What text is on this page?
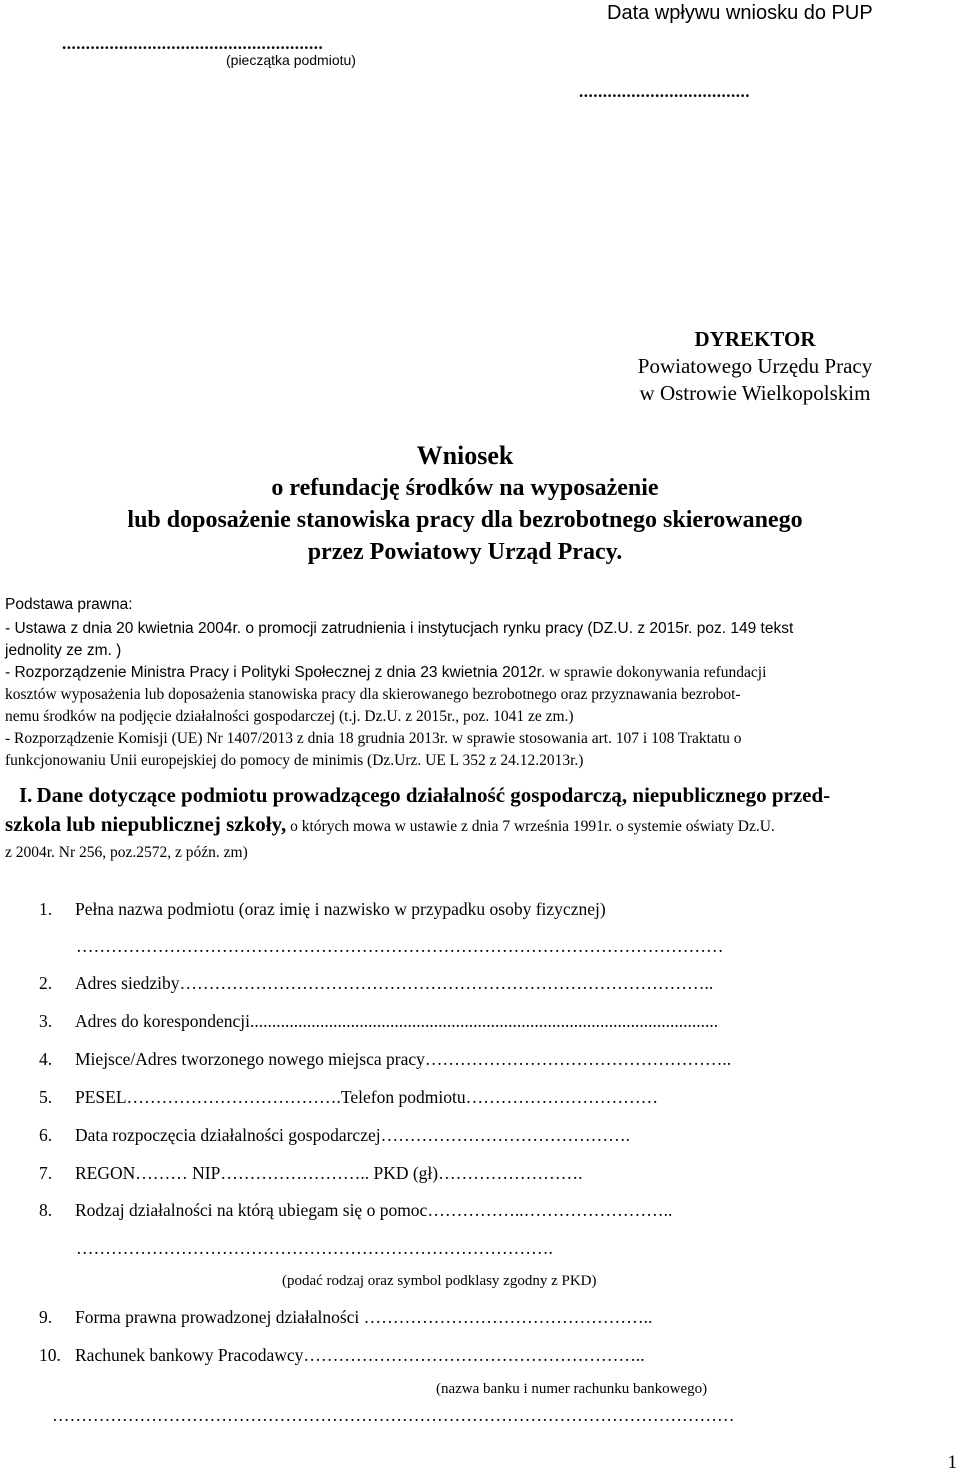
.......................................................
(pieczątka podmiotu)
Data wpływu wniosku do PUP
....................................
DYREKTOR
Powiatowego Urzędu Pracy
w Ostrowie Wielkopolskim
Wniosek
o refundację środków na wyposażenie
lub doposażenie stanowiska pracy dla bezrobotnego skierowanego
przez Powiatowy Urząd Pracy.
Podstawa prawna:
- Ustawa z dnia 20 kwietnia 2004r. o promocji zatrudnienia i instytucjach rynku pracy (DZ.U. z 2015r. poz. 149 tekst
jednolity ze zm. )
- Rozporządzenie Ministra Pracy i Polityki Społecznej z dnia 23 kwietnia 2012r. w sprawie dokonywania refundacji
kosztów wyposażenia lub doposażenia stanowiska pracy dla skierowanego bezrobotnego oraz przyznawania bezrobot-
nemu środków na podjęcie działalności gospodarczej (t.j. Dz.U. z 2015r., poz. 1041 ze zm.)
- Rozporządzenie Komisji (UE) Nr 1407/2013 z dnia 18 grudnia 2013r. w sprawie stosowania art. 107 i 108 Traktatu o
funkcjonowaniu Unii europejskiej do pomocy de minimis (Dz.Urz. UE L 352 z 24.12.2013r.)
I. Dane dotyczące podmiotu prowadzącego działalność gospodarczą, niepublicznego przed-
szkola lub niepublicznej szkoły, o których mowa w ustawie z dnia 7 września 1991r. o systemie oświaty Dz.U.
z 2004r. Nr 256, poz.2572, z późn. zm)
1. Pełna nazwa podmiotu (oraz imię i nazwisko w przypadku osoby fizycznej)
…………………………………………………………………………………………………
2. Adres siedziby………………………………………………………………………………..
3. Adres do korespondencji...........................................................................................................
4. Miejsce/Adres tworzonego nowego miejsca pracy……………………………………………..
5. PESEL……………………………….Telefon podmiotu……………………………
6. Data rozpoczęcia działalności gospodarczej…………………………………….
7. REGON……… NIP…………………….. PKD (gł)…………………….
8. Rodzaj działalności na którą ubiegam się o pomoc……………..……………………..
……………………………………………………………………….
(podać rodzaj oraz symbol podklasy zgodny z PKD)
9. Forma prawna prowadzonej działalności …………………………………………..
10. Rachunek bankowy Pracodawcy…………………………………………………..
(nazwa banku i numer rachunku bankowego)
………………………………………………………………………………………………………
1
